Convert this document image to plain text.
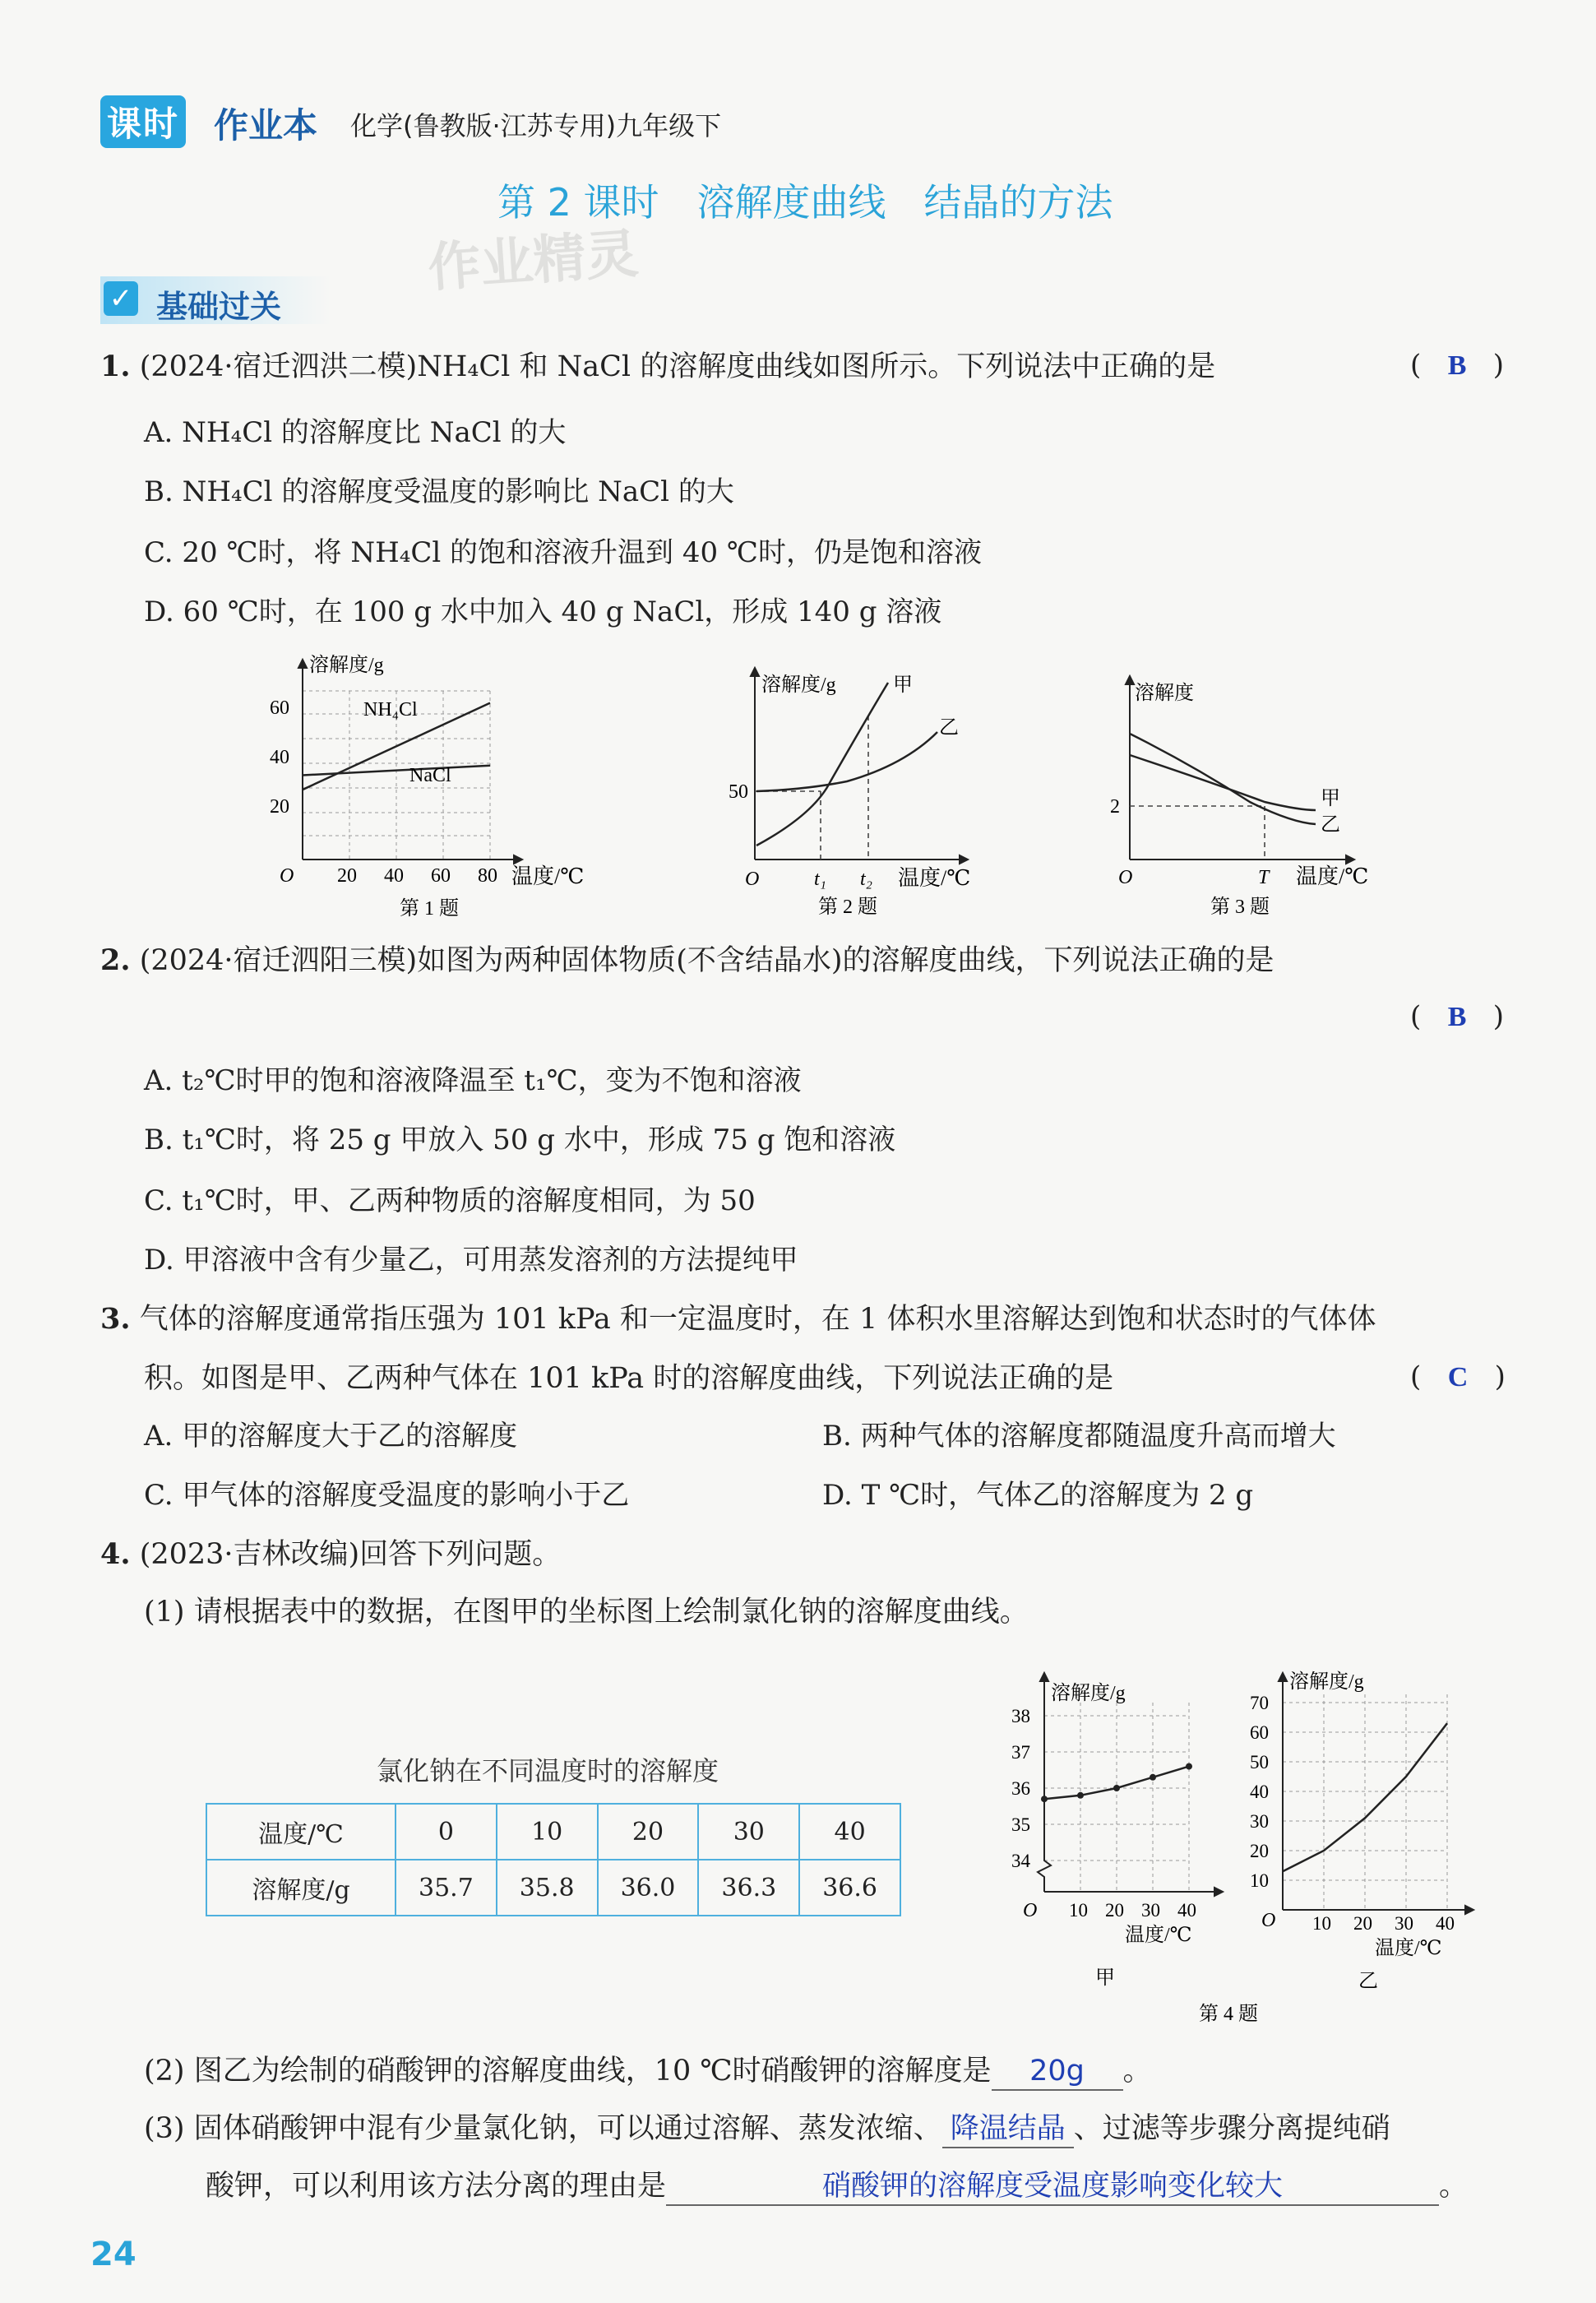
课时 作业本 化学(鲁教版·江苏专用)九年级下
第 2 课时　溶解度曲线　结晶的方法
作业精灵
✓ 基础过关
1. (2024·宿迁泗洪二模)NH₄Cl 和 NaCl 的溶解度曲线如图所示。下列说法中正确的是	(   B   )
A. NH₄Cl 的溶解度比 NaCl 的大
B. NH₄Cl 的溶解度受温度的影响比 NaCl 的大
C. 20 ℃时，将 NH₄Cl 的饱和溶液升温到 40 ℃时，仍是饱和溶液
D. 60 ℃时，在 100 g 水中加入 40 g NaCl，形成 140 g 溶液
溶解度/g
NH₄Cl
NaCl
60
40
20
O 20 40 60 80 温度/℃
第 1 题
溶解度/g	甲
乙
50
O	t₁ t₂ 温度/℃
第 2 题
溶解度
甲
乙
2
O	T 温度/℃
第 3 题
2. (2024·宿迁泗阳三模)如图为两种固体物质(不含结晶水)的溶解度曲线，下列说法正确的是
(   B   )
A. t₂℃时甲的饱和溶液降温至 t₁℃，变为不饱和溶液
B. t₁℃时，将 25 g 甲放入 50 g 水中，形成 75 g 饱和溶液
C. t₁℃时，甲、乙两种物质的溶解度相同，为 50
D. 甲溶液中含有少量乙，可用蒸发溶剂的方法提纯甲
3. 气体的溶解度通常指压强为 101 kPa 和一定温度时，在 1 体积水里溶解达到饱和状态时的气体体
积。如图是甲、乙两种气体在 101 kPa 时的溶解度曲线，下列说法正确的是	(   C   )
A. 甲的溶解度大于乙的溶解度	B. 两种气体的溶解度都随温度升高而增大
C. 甲气体的溶解度受温度的影响小于乙	D. T ℃时，气体乙的溶解度为 2 g
4. (2023·吉林改编)回答下列问题。
(1) 请根据表中的数据，在图甲的坐标图上绘制氯化钠的溶解度曲线。
氯化钠在不同温度时的溶解度
温度/℃	0	10	20	30	40
溶解度/g	35.7	35.8	36.0	36.3	36.6
溶解度/g
38
37
36
35
34
O 10 20 30 40
温度/℃
甲
溶解度/g
70
60
50
40
30
20
10
O 10 20 30 40
温度/℃
乙
第 4 题
(2) 图乙为绘制的硝酸钾的溶解度曲线，10 ℃时硝酸钾的溶解度是 20g 。
(3) 固体硝酸钾中混有少量氯化钠，可以通过溶解、蒸发浓缩、 降温结晶 、过滤等步骤分离提纯硝
酸钾，可以利用该方法分离的理由是	硝酸钾的溶解度受温度影响变化较大	。
24
